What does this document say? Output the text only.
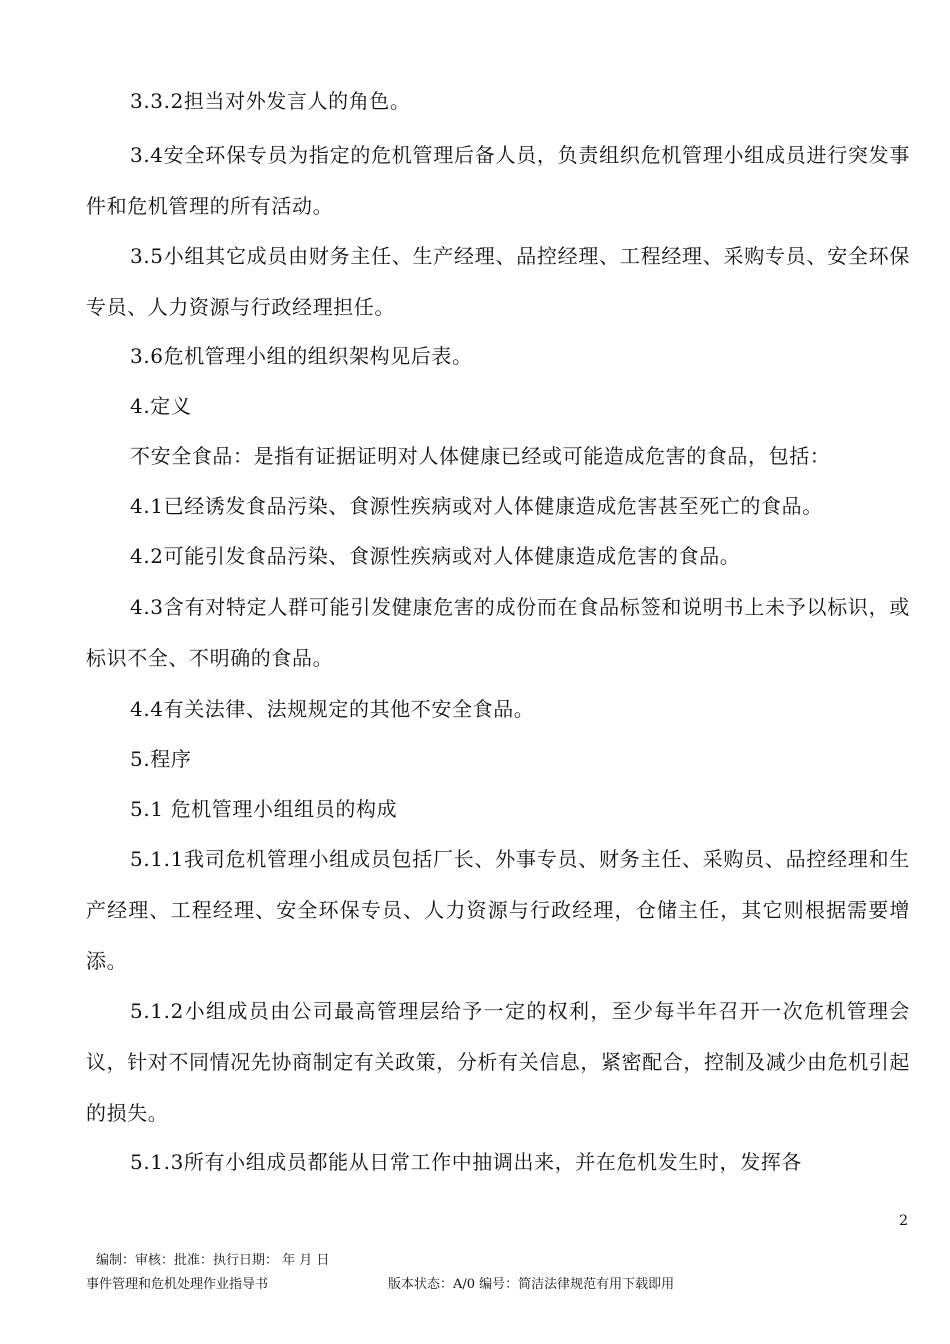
3.3.2担当对外发言人的角色。

3.4安全环保专员为指定的危机管理后备人员，负责组织危机管理小组成员进行突发事件和危机管理的所有活动。

3.5小组其它成员由财务主任、生产经理、品控经理、工程经理、采购专员、安全环保专员、人力资源与行政经理担任。

3.6危机管理小组的组织架构见后表。

4.定义

不安全食品：是指有证据证明对人体健康已经或可能造成危害的食品，包括：

4.1已经诱发食品污染、食源性疾病或对人体健康造成危害甚至死亡的食品。

4.2可能引发食品污染、食源性疾病或对人体健康造成危害的食品。

4.3含有对特定人群可能引发健康危害的成份而在食品标签和说明书上未予以标识，或标识不全、不明确的食品。

4.4有关法律、法规规定的其他不安全食品。

5.程序

5.1 危机管理小组组员的构成

5.1.1我司危机管理小组成员包括厂长、外事专员、财务主任、采购员、品控经理和生产经理、工程经理、安全环保专员、人力资源与行政经理，仓储主任，其它则根据需要增添。

5.1.2小组成员由公司最高管理层给予一定的权利，至少每半年召开一次危机管理会议，针对不同情况先协商制定有关政策，分析有关信息，紧密配合，控制及减少由危机引起的损失。

5.1.3所有小组成员都能从日常工作中抽调出来，并在危机发生时，发挥各

2
编制：审核：批准：执行日期： 年 月 日
事件管理和危机处理作业指导书	版本状态：A/0 编号：简洁法律规范有用下载即用
